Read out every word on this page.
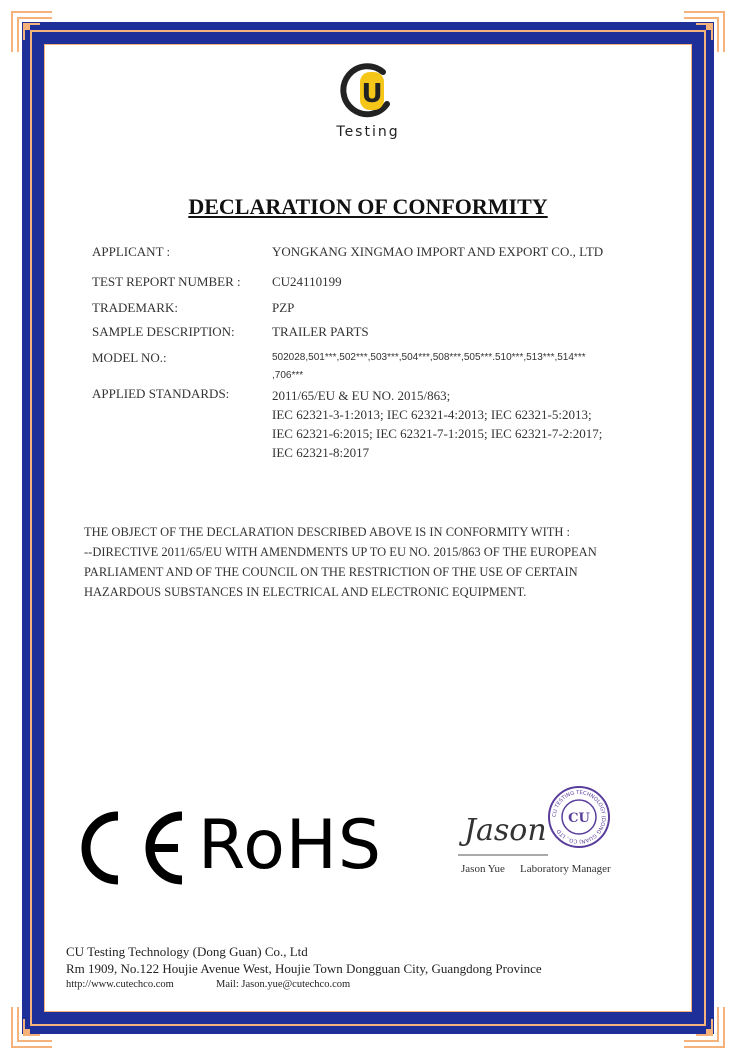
U
Testing
DECLARATION OF CONFORMITY
APPLICANT :	YONGKANG XINGMAO IMPORT AND EXPORT CO., LTD
TEST REPORT NUMBER : CU24110199
TRADEMARK:	PZP
SAMPLE DESCRIPTION:	TRAILER PARTS
MODEL NO.:	502028,501***,502***,503***,504***,508***,505***.510***,513***,514***
,706***
APPLIED STANDARDS:	2011/65/EU & EU NO. 2015/863;
IEC 62321-3-1:2013; IEC 62321-4:2013; IEC 62321-5:2013;
IEC 62321-6:2015; IEC 62321-7-1:2015; IEC 62321-7-2:2017;
IEC 62321-8:2017
THE OBJECT OF THE DECLARATION DESCRIBED ABOVE IS IN CONFORMITY WITH :
--DIRECTIVE 2011/65/EU WITH AMENDMENTS UP TO EU NO. 2015/863 OF THE EUROPEAN
PARLIAMENT AND OF THE COUNCIL ON THE RESTRICTION OF THE USE OF CERTAIN
HAZARDOUS SUBSTANCES IN ELECTRICAL AND ELECTRONIC EQUIPMENT.
RoHS	Jason CU TESTING TECHNOLOGY (DONG GUAN) CO., LTD
CU
Jason Yue Laboratory Manager
CU Testing Technology (Dong Guan) Co., Ltd
Rm 1909, No.122 Houjie Avenue West, Houjie Town Dongguan City, Guangdong Province
http://www.cutechco.com	Mail: Jason.yue@cutechco.com
